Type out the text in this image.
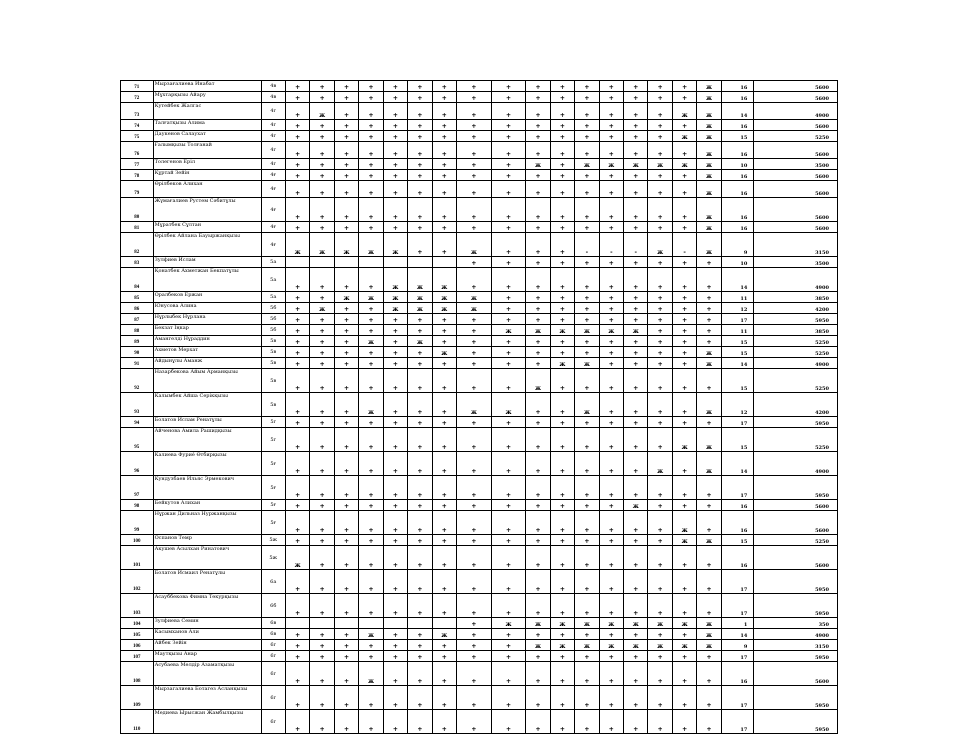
71	Мырзағалиева Инабат	4в	+	+	+	+	+	+	+	+	+	+	+	+	+	+	+	+	ж	16	5600
72	Мұхтарқызы Айару	4в	+	+	+	+	+	+	+	+	+	+	+	+	+	+	+	+	ж	16	5600
73	Кутейбек Жалгас	4г	+	ж	+	+	+	+	+	+	+	+	+	+	+	+	+	ж	ж	14	4900
74	Талғатқызы Алима	4г	+	+	+	+	+	+	+	+	+	+	+	+	+	+	+	+	ж	16	5600
75	Даукенов Салаухат	4г	+	+	+	+	+	+	+	+	+	+	+	+	+	+	+	ж	ж	15	5250
76	Ғалымқызы Толғанай	4г	+	+	+	+	+	+	+	+	+	+	+	+	+	+	+	+	ж	16	5600
77	Толегенов Ерiл	4г	+	+	+	+	+	+	+	+	+	ж	+	ж	ж	ж	ж	ж	ж	10	3500
78	Құртай Зейiн	4ғ	+	+	+	+	+	+	+	+	+	+	+	+	+	+	+	+	ж	16	5600
79	Өрiлбеков Алихан	4ғ	+	+	+	+	+	+	+	+	+	+	+	+	+	+	+	+	ж	16	5600
80	Жүмағалиев Рустем Сәбитұлы	4ғ	+	+	+	+	+	+	+	+	+	+	+	+	+	+	+	+	ж	16	5600
81	Мұратбек Сұлтан	4ғ	+	+	+	+	+	+	+	+	+	+	+	+	+	+	+	+	ж	16	5600
82	Өрiлбек Айлана Бауыржанқызы	4ғ	ж	ж	ж	ж	ж	+	+	ж	+	+	+	-	-	-	ж	-	ж	9	3150
83	Зулфиев Ислам	5а								+	+	+	+	+	+	+	+	+	+	10	3500
84	Қонатбек Ахметжан Бекпатұлы	5а	+	+	+	+	ж	ж	ж	+	+	+	+	+	+	+	+	+	+	14	4900
85	Оралбеков Ержан	5а	+	+	ж	ж	ж	ж	ж	ж	+	+	+	+	+	+	+	+	+	11	3850
86	Юнусова Алина	5б	+	ж	+	+	ж	ж	ж	ж	+	+	+	+	+	+	+	+	+	12	4200
87	Нұрлыбек Нұрлана	5б	+	+	+	+	+	+	+	+	+	+	+	+	+	+	+	+	+	17	5950
88	Бекзат Iңкар	5б	+	+	+	+	+	+	+	+	ж	ж	ж	ж	ж	ж	+	+	+	11	3850
89	Амангелдi Нұраддин	5в	+	+	+	ж	+	ж	+	+	+	+	+	+	+	+	+	+	+	15	5250
90	Ахметов Мерхат	5в	+	+	+	+	+	+	ж	+	+	+	+	+	+	+	+	+	ж	15	5250
91	Айдынұлы Аманж	5в	+	+	+	+	+	+	+	+	+	+	ж	ж	+	+	+	+	ж	14	4900
92	Назарбекова Айым Арманқызы	5в	+	+	+	+	+	+	+	+	+	ж	+	+	+	+	+	+	+	15	5250
93	Калымбек Айша Серiкқызы	5в	+	+	+	ж	+	+	+	ж	ж	+	+	ж	+	+	+	+	ж	12	4200
94	Болатов Ислам Ренатұлы	5г	+	+	+	+	+	+	+	+	+	+	+	+	+	+	+	+	+	17	5950
95	Айченова Амила Рашидқызы	5г	+	+	+	+	+	+	+	+	+	+	+	+	+	+	+	ж	ж	15	5250
96	Калиева Фуриé Өтбирқызы	5ғ	+	+	+	+	+	+	+	+	+	+	+	+	+	+	ж	+	ж	14	4900
97	Кундузбаев Ильяс Эрмекович	5ғ	+	+	+	+	+	+	+	+	+	+	+	+	+	+	+	+	+	17	5950
98	Бейкутов Алихан	5ғ	+	+	+	+	+	+	+	+	+	+	+	+	+	ж	+	+	+	16	5600
99	Нұржан Дильназ Нуржанқызы	5ғ	+	+	+	+	+	+	+	+	+	+	+	+	+	+	+	ж	+	16	5600
100	Оспанов Темр	5ж	+	+	+	+	+	+	+	+	+	+	+	+	+	+	+	ж	ж	15	5250
101	Акушев Асылхан Ринатович	5ж	ж	+	+	+	+	+	+	+	+	+	+	+	+	+	+	+	+	16	5600
102	Болатов Исмаил Ренатұлы	6а	+	+	+	+	+	+	+	+	+	+	+	+	+	+	+	+	+	17	5950
103	Асауббекова Фимна Төкурқызы	6б	+	+	+	+	+	+	+	+	+	+	+	+	+	+	+	+	+	17	5950
104	Зулфиева Семин	6в								+	ж	ж	ж	ж	ж	ж	ж	ж	ж	1	350
105	Касымханов Али	6в	+	+	+	ж	+	+	ж	+	+	+	+	+	+	+	+	+	ж	14	4900
106	Айбек Зейiн	6г	+	+	+	+	+	+	+	+	+	ж	ж	ж	ж	ж	ж	ж	ж	9	3150
107	Маутқызы Анар	6г	+	+	+	+	+	+	+	+	+	+	+	+	+	+	+	+	+	17	5950
108	Асубаева Мөлдiр Азаматқызы	6г	+	+	+	ж	+	+	+	+	+	+	+	+	+	+	+	+	+	16	5600
109	Мырзагалиева Ботагөз Асланқызы	6г	+	+	+	+	+	+	+	+	+	+	+	+	+	+	+	+	+	17	5950
110	Медиева Ырысжан Жамбылқызы	6г	+	+	+	+	+	+	+	+	+	+	+	+	+	+	+	+	+	17	5950
